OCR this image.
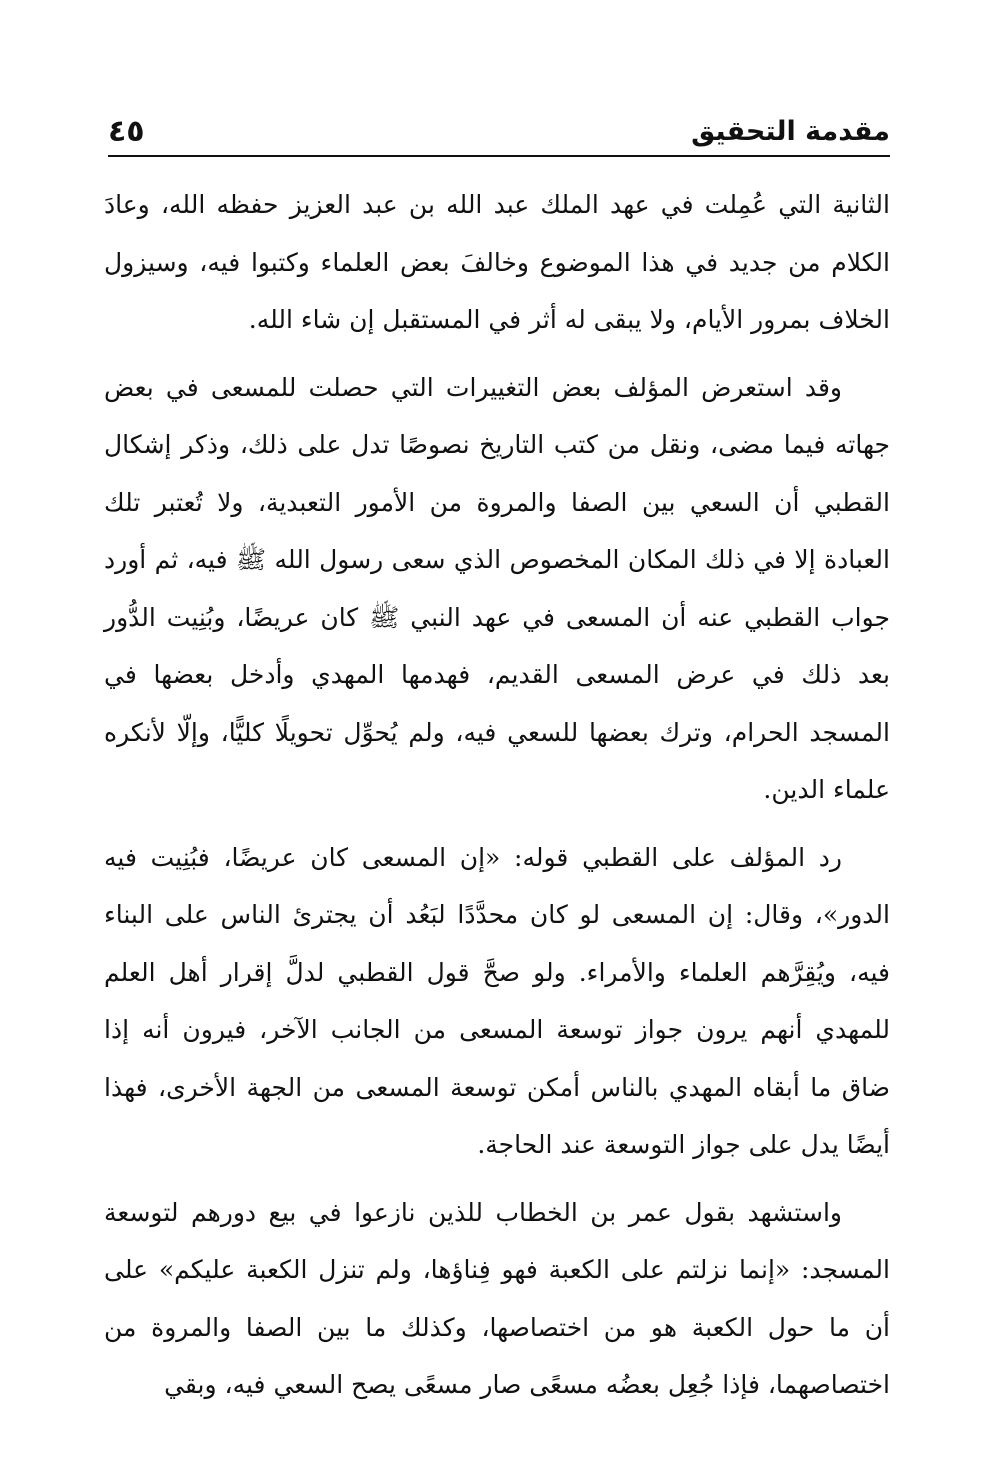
مقدمة التحقيق
٤٥

الثانية التي عُمِلت في عهد الملك عبد الله بن عبد العزيز حفظه الله، وعادَ الكلام من جديد في هذا الموضوع وخالفَ بعض العلماء وكتبوا فيه، وسيزول الخلاف بمرور الأيام، ولا يبقى له أثر في المستقبل إن شاء الله.

وقد استعرض المؤلف بعض التغييرات التي حصلت للمسعى في بعض جهاته فيما مضى، ونقل من كتب التاريخ نصوصًا تدل على ذلك، وذكر إشكال القطبي أن السعي بين الصفا والمروة من الأمور التعبدية، ولا تُعتبر تلك العبادة إلا في ذلك المكان المخصوص الذي سعى رسول الله ﷺ فيه، ثم أورد جواب القطبي عنه أن المسعى في عهد النبي ﷺ كان عريضًا، وبُنِيت الدُّور بعد ذلك في عرض المسعى القديم، فهدمها المهدي وأدخل بعضها في المسجد الحرام، وترك بعضها للسعي فيه، ولم يُحوِّل تحويلًا كليًّا، وإلّا لأنكره علماء الدين.

رد المؤلف على القطبي قوله: «إن المسعى كان عريضًا، فبُنِيت فيه الدور»، وقال: إن المسعى لو كان محدَّدًا لبَعُد أن يجترئ الناس على البناء فيه، ويُقِرَّهم العلماء والأمراء. ولو صحَّ قول القطبي لدلَّ إقرار أهل العلم للمهدي أنهم يرون جواز توسعة المسعى من الجانب الآخر، فيرون أنه إذا ضاق ما أبقاه المهدي بالناس أمكن توسعة المسعى من الجهة الأخرى، فهذا أيضًا يدل على جواز التوسعة عند الحاجة.

واستشهد بقول عمر بن الخطاب للذين نازعوا في بيع دورهم لتوسعة المسجد: «إنما نزلتم على الكعبة فهو فِناؤها، ولم تنزل الكعبة عليكم» على أن ما حول الكعبة هو من اختصاصها، وكذلك ما بين الصفا والمروة من اختصاصهما، فإذا جُعِل بعضُه مسعًى صار مسعًى يصح السعي فيه، وبقي
